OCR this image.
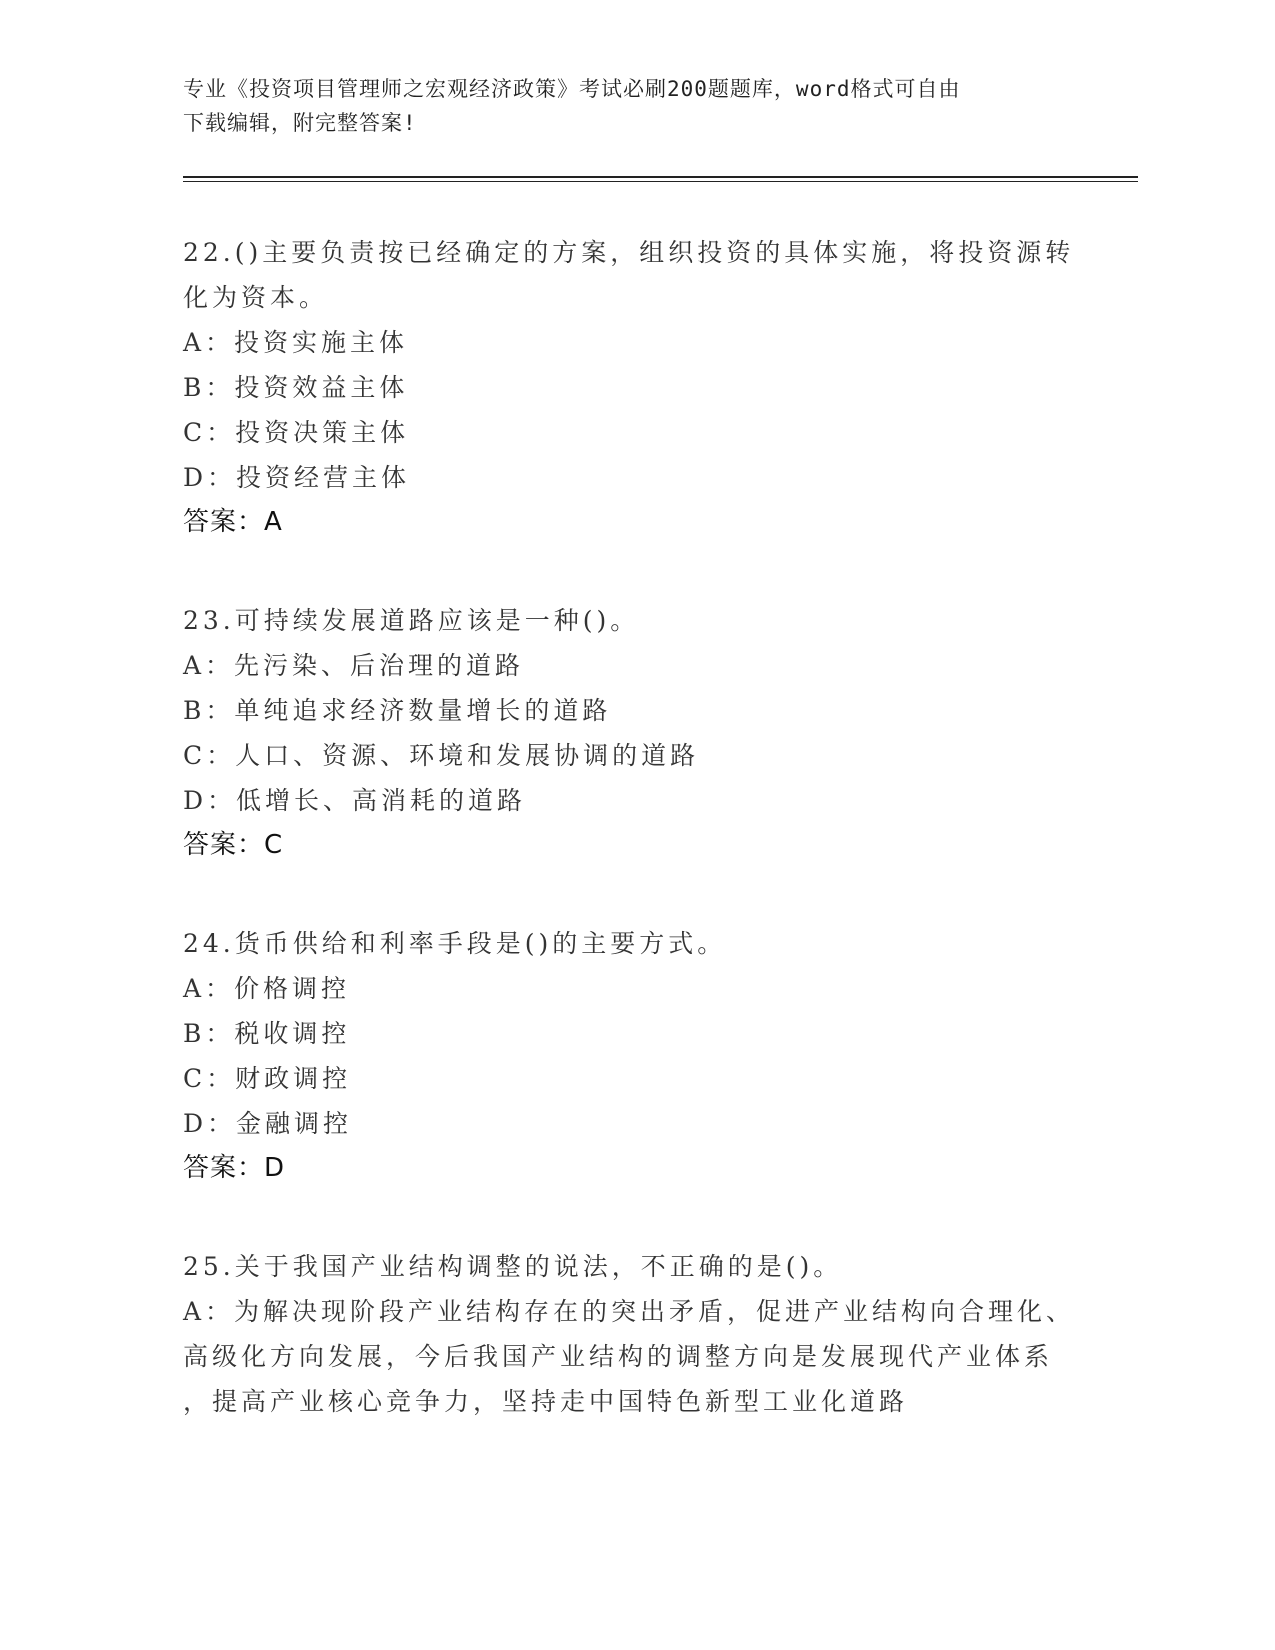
专业《投资项目管理师之宏观经济政策》考试必刷200题题库，word格式可自由
下载编辑，附完整答案!
22.()主要负责按已经确定的方案，组织投资的具体实施，将投资源转
化为资本。
A：投资实施主体
B：投资效益主体
C：投资决策主体
D：投资经营主体
答案：A
23.可持续发展道路应该是一种()。
A：先污染、后治理的道路
B：单纯追求经济数量增长的道路
C：人口、资源、环境和发展协调的道路
D：低增长、高消耗的道路
答案：C
24.货币供给和利率手段是()的主要方式。
A：价格调控
B：税收调控
C：财政调控
D：金融调控
答案：D
25.关于我国产业结构调整的说法，不正确的是()。
A：为解决现阶段产业结构存在的突出矛盾，促进产业结构向合理化、
高级化方向发展，今后我国产业结构的调整方向是发展现代产业体系
，提高产业核心竞争力，坚持走中国特色新型工业化道路
